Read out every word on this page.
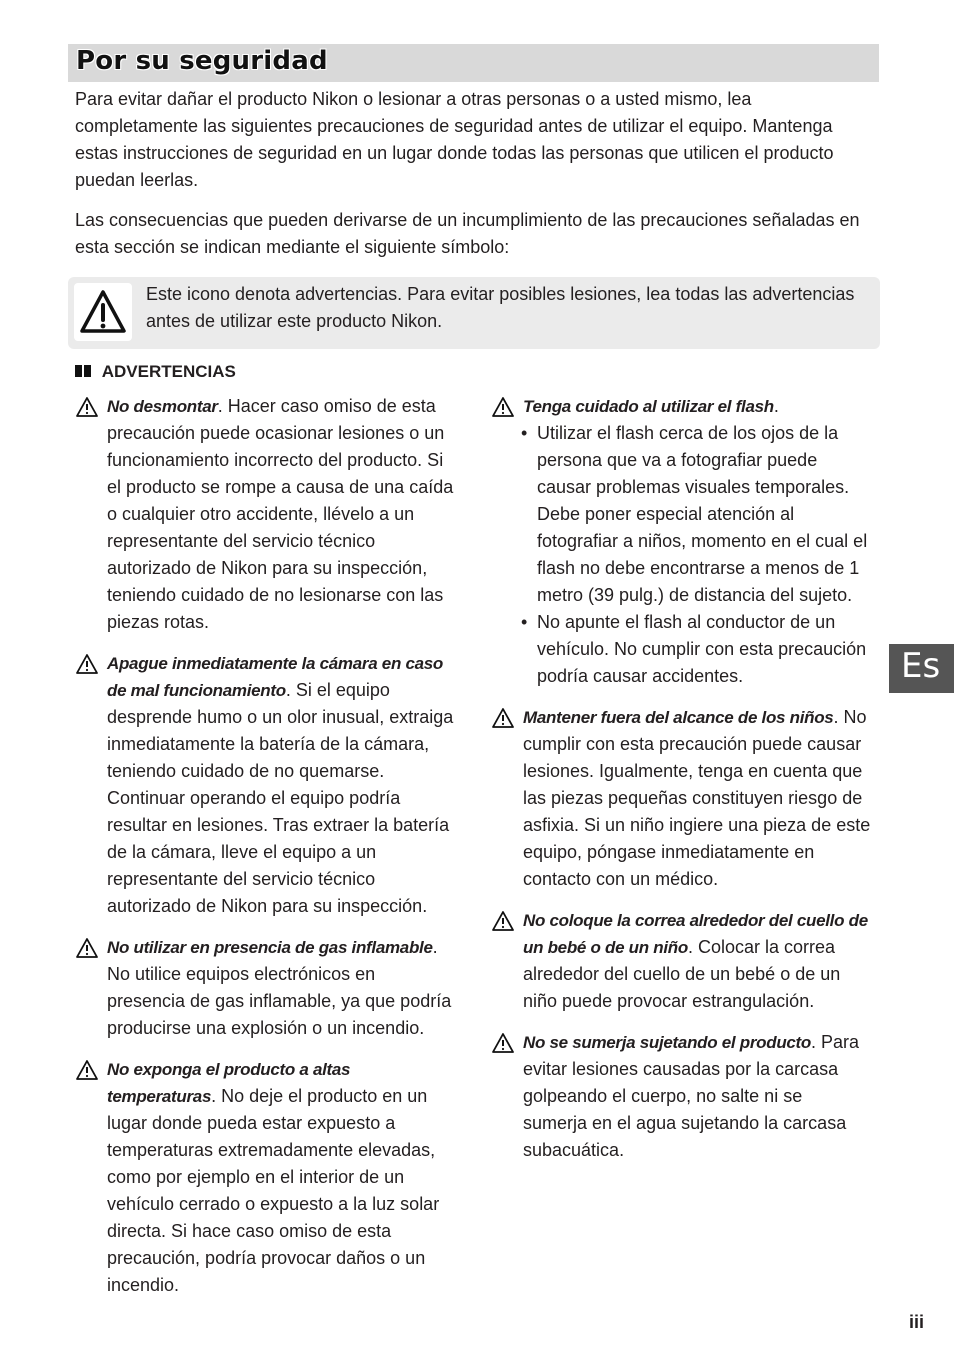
Por su seguridad

Para evitar dañar el producto Nikon o lesionar a otras personas o a usted mismo, lea completamente las siguientes precauciones de seguridad antes de utilizar el equipo. Mantenga estas instrucciones de seguridad en un lugar donde todas las personas que utilicen el producto puedan leerlas.

Las consecuencias que pueden derivarse de un incumplimiento de las precauciones señaladas en esta sección se indican mediante el siguiente símbolo:

Este icono denota advertencias. Para evitar posibles lesiones, lea todas las advertencias antes de utilizar este producto Nikon.

ADVERTENCIAS

No desmontar. Hacer caso omiso de esta precaución puede ocasionar lesiones o un funcionamiento incorrecto del producto. Si el producto se rompe a causa de una caída o cualquier otro accidente, llévelo a un representante del servicio técnico autorizado de Nikon para su inspección, teniendo cuidado de no lesionarse con las piezas rotas.

Apague inmediatamente la cámara en caso de mal funcionamiento. Si el equipo desprende humo o un olor inusual, extraiga inmediatamente la batería de la cámara, teniendo cuidado de no quemarse. Continuar operando el equipo podría resultar en lesiones. Tras extraer la batería de la cámara, lleve el equipo a un representante del servicio técnico autorizado de Nikon para su inspección.

No utilizar en presencia de gas inflamable. No utilice equipos electrónicos en presencia de gas inflamable, ya que podría producirse una explosión o un incendio.

No exponga el producto a altas temperaturas. No deje el producto en un lugar donde pueda estar expuesto a temperaturas extremadamente elevadas, como por ejemplo en el interior de un vehículo cerrado o expuesto a la luz solar directa. Si hace caso omiso de esta precaución, podría provocar daños o un incendio.

Tenga cuidado al utilizar el flash.

• Utilizar el flash cerca de los ojos de la persona que va a fotografiar puede causar problemas visuales temporales. Debe poner especial atención al fotografiar a niños, momento en el cual el flash no debe encontrarse a menos de 1 metro (39 pulg.) de distancia del sujeto.

• No apunte el flash al conductor de un vehículo. No cumplir con esta precaución podría causar accidentes.

Mantener fuera del alcance de los niños. No cumplir con esta precaución puede causar lesiones. Igualmente, tenga en cuenta que las piezas pequeñas constituyen riesgo de asfixia. Si un niño ingiere una pieza de este equipo, póngase inmediatamente en contacto con un médico.

No coloque la correa alrededor del cuello de un bebé o de un niño. Colocar la correa alrededor del cuello de un bebé o de un niño puede provocar estrangulación.

No se sumerja sujetando el producto. Para evitar lesiones causadas por la carcasa golpeando el cuerpo, no salte ni se sumerja en el agua sujetando la carcasa subacuática.

Es
iii
